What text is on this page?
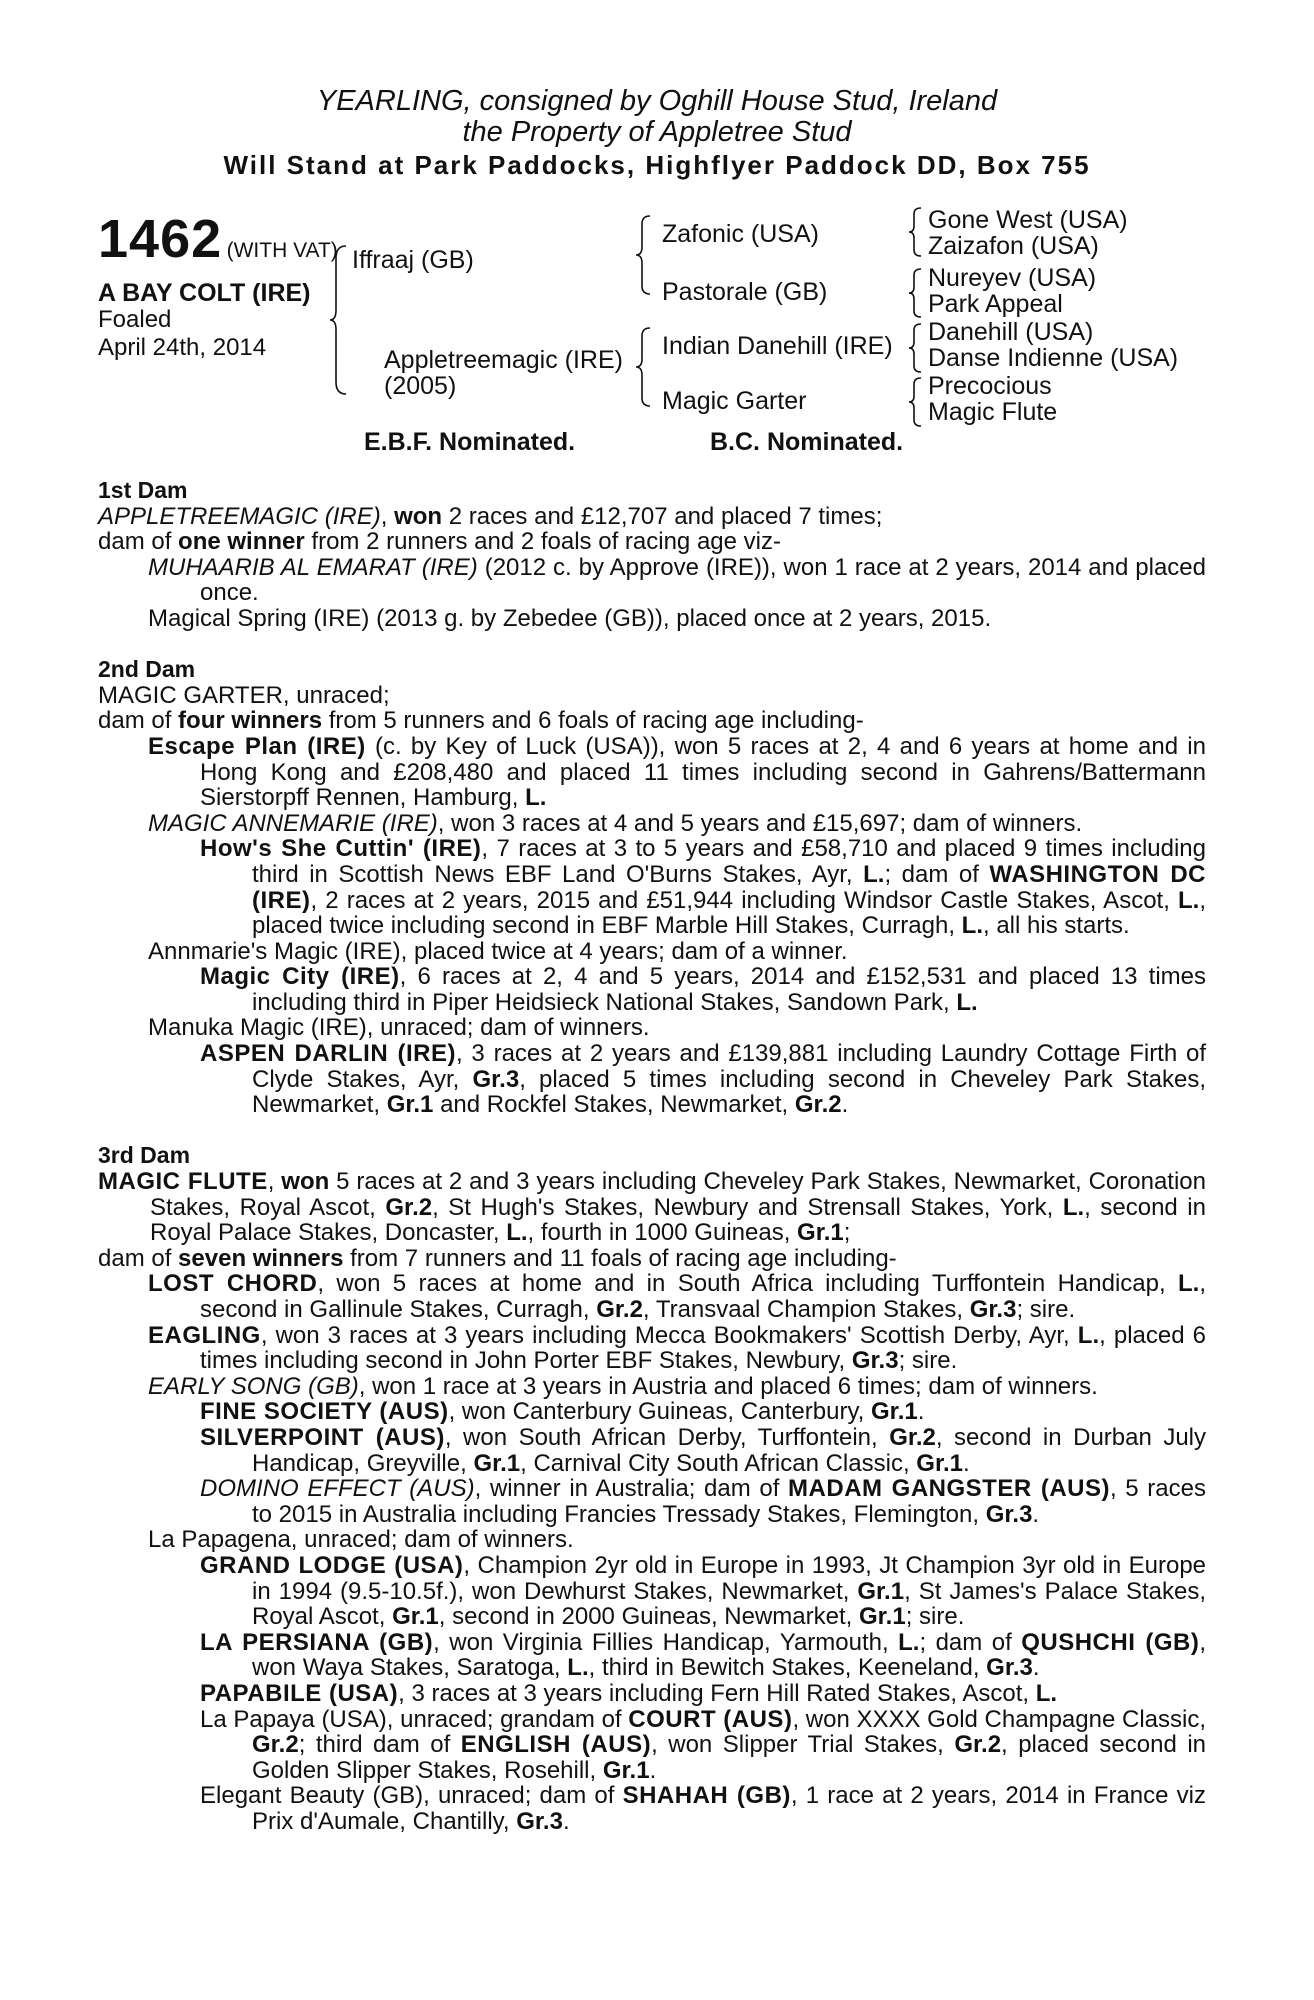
YEARLING, consigned by Oghill House Stud, Ireland
the Property of Appletree Stud
Will Stand at Park Paddocks, Highflyer Paddock DD, Box 755
1462 (WITH VAT)
A BAY COLT (IRE)
Foaled
April 24th, 2014
Iffraaj (GB)
Appletreemagic (IRE)
(2005)
Zafonic (USA)
Pastorale (GB)
Indian Danehill (IRE)
Magic Garter
Gone West (USA)
Zaizafon (USA)
Nureyev (USA)
Park Appeal
Danehill (USA)
Danse Indienne (USA)
Precocious
Magic Flute
E.B.F. Nominated.	B.C. Nominated.
1st Dam

APPLETREEMAGIC (IRE), won 2 races and £12,707 and placed 7 times;

dam of one winner from 2 runners and 2 foals of racing age viz-

MUHAARIB AL EMARAT (IRE) (2012 c. by Approve (IRE)), won 1 race at 2 years, 2014 and placed once.

Magical Spring (IRE) (2013 g. by Zebedee (GB)), placed once at 2 years, 2015.

2nd Dam

MAGIC GARTER, unraced;

dam of four winners from 5 runners and 6 foals of racing age including-

Escape Plan (IRE) (c. by Key of Luck (USA)), won 5 races at 2, 4 and 6 years at home and in Hong Kong and £208,480 and placed 11 times including second in Gahrens/Battermann Sierstorpff Rennen, Hamburg, L.

MAGIC ANNEMARIE (IRE), won 3 races at 4 and 5 years and £15,697; dam of winners.

How's She Cuttin' (IRE), 7 races at 3 to 5 years and £58,710 and placed 9 times including third in Scottish News EBF Land O'Burns Stakes, Ayr, L.; dam of WASHINGTON DC (IRE), 2 races at 2 years, 2015 and £51,944 including Windsor Castle Stakes, Ascot, L., placed twice including second in EBF Marble Hill Stakes, Curragh, L., all his starts.

Annmarie's Magic (IRE), placed twice at 4 years; dam of a winner.

Magic City (IRE), 6 races at 2, 4 and 5 years, 2014 and £152,531 and placed 13 times including third in Piper Heidsieck National Stakes, Sandown Park, L.

Manuka Magic (IRE), unraced; dam of winners.

ASPEN DARLIN (IRE), 3 races at 2 years and £139,881 including Laundry Cottage Firth of Clyde Stakes, Ayr, Gr.3, placed 5 times including second in Cheveley Park Stakes, Newmarket, Gr.1 and Rockfel Stakes, Newmarket, Gr.2.

3rd Dam

MAGIC FLUTE, won 5 races at 2 and 3 years including Cheveley Park Stakes, Newmarket, Coronation Stakes, Royal Ascot, Gr.2, St Hugh's Stakes, Newbury and Strensall Stakes, York, L., second in Royal Palace Stakes, Doncaster, L., fourth in 1000 Guineas, Gr.1;

dam of seven winners from 7 runners and 11 foals of racing age including-

LOST CHORD, won 5 races at home and in South Africa including Turffontein Handicap, L., second in Gallinule Stakes, Curragh, Gr.2, Transvaal Champion Stakes, Gr.3; sire.

EAGLING, won 3 races at 3 years including Mecca Bookmakers' Scottish Derby, Ayr, L., placed 6 times including second in John Porter EBF Stakes, Newbury, Gr.3; sire.

EARLY SONG (GB), won 1 race at 3 years in Austria and placed 6 times; dam of winners.

FINE SOCIETY (AUS), won Canterbury Guineas, Canterbury, Gr.1.

SILVERPOINT (AUS), won South African Derby, Turffontein, Gr.2, second in Durban July Handicap, Greyville, Gr.1, Carnival City South African Classic, Gr.1.

DOMINO EFFECT (AUS), winner in Australia; dam of MADAM GANGSTER (AUS), 5 races to 2015 in Australia including Francies Tressady Stakes, Flemington, Gr.3.

La Papagena, unraced; dam of winners.

GRAND LODGE (USA), Champion 2yr old in Europe in 1993, Jt Champion 3yr old in Europe in 1994 (9.5-10.5f.), won Dewhurst Stakes, Newmarket, Gr.1, St James's Palace Stakes, Royal Ascot, Gr.1, second in 2000 Guineas, Newmarket, Gr.1; sire.

LA PERSIANA (GB), won Virginia Fillies Handicap, Yarmouth, L.; dam of QUSHCHI (GB), won Waya Stakes, Saratoga, L., third in Bewitch Stakes, Keeneland, Gr.3.

PAPABILE (USA), 3 races at 3 years including Fern Hill Rated Stakes, Ascot, L.

La Papaya (USA), unraced; grandam of COURT (AUS), won XXXX Gold Champagne Classic, Gr.2; third dam of ENGLISH (AUS), won Slipper Trial Stakes, Gr.2, placed second in Golden Slipper Stakes, Rosehill, Gr.1.

Elegant Beauty (GB), unraced; dam of SHAHAH (GB), 1 race at 2 years, 2014 in France viz Prix d'Aumale, Chantilly, Gr.3.
